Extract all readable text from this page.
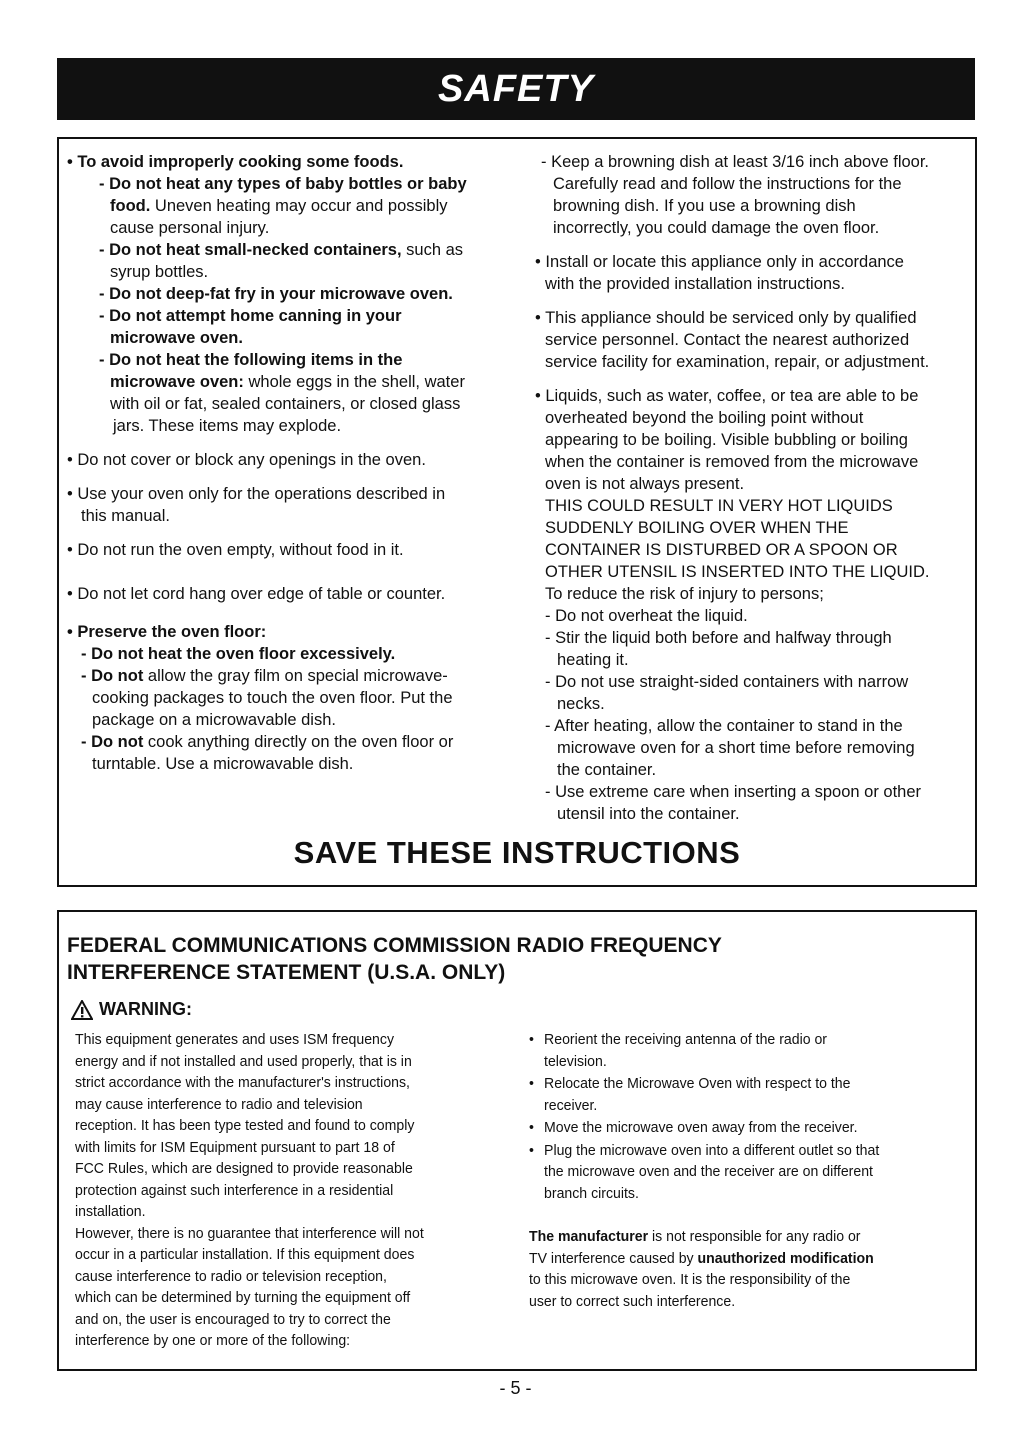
SAFETY
• To avoid improperly cooking some foods.
- Do not heat any types of baby bottles or baby
food. Uneven heating may occur and possibly
cause personal injury.
- Do not heat small-necked containers, such as
syrup bottles.
- Do not deep-fat fry in your microwave oven.
- Do not attempt home canning in your
microwave oven.
- Do not heat the following items in the
microwave oven: whole eggs in the shell, water
with oil or fat, sealed containers, or closed glass
jars. These items may explode.
• Do not cover or block any openings in the oven.
• Use your oven only for the operations described in
this manual.
• Do not run the oven empty, without food in it.
• Do not let cord hang over edge of table or counter.
• Preserve the oven floor:
- Do not heat the oven floor excessively.
- Do not allow the gray film on special microwave-
cooking packages to touch the oven floor. Put the
package on a microwavable dish.
- Do not cook anything directly on the oven floor or
turntable. Use a microwavable dish.
- Keep a browning dish at least 3/16 inch above floor.
Carefully read and follow the instructions for the
browning dish. If you use a browning dish
incorrectly, you could damage the oven floor.
• Install or locate this appliance only in accordance
with the provided installation instructions.
• This appliance should be serviced only by qualified
service personnel. Contact the nearest authorized
service facility for examination, repair, or adjustment.
• Liquids, such as water, coffee, or tea are able to be
overheated beyond the boiling point without
appearing to be boiling. Visible bubbling or boiling
when the container is removed from the microwave
oven is not always present.
THIS COULD RESULT IN VERY HOT LIQUIDS
SUDDENLY BOILING OVER WHEN THE
CONTAINER IS DISTURBED OR A SPOON OR
OTHER UTENSIL IS INSERTED INTO THE LIQUID.
To reduce the risk of injury to persons;
- Do not overheat the liquid.
- Stir the liquid both before and halfway through
heating it.
- Do not use straight-sided containers with narrow
necks.
- After heating, allow the container to stand in the
microwave oven for a short time before removing
the container.
- Use extreme care when inserting a spoon or other
utensil into the container.
SAVE THESE INSTRUCTIONS
FEDERAL COMMUNICATIONS COMMISSION RADIO FREQUENCY
INTERFERENCE STATEMENT (U.S.A. ONLY)
WARNING:
This equipment generates and uses ISM frequency
energy and if not installed and used properly, that is in
strict accordance with the manufacturer's instructions,
may cause interference to radio and television
reception. It has been type tested and found to comply
with limits for ISM Equipment pursuant to part 18 of
FCC Rules, which are designed to provide reasonable
protection against such interference in a residential
installation.
However, there is no guarantee that interference will not
occur in a particular installation. If this equipment does
cause interference to radio or television reception,
which can be determined by turning the equipment off
and on, the user is encouraged to try to correct the
interference by one or more of the following:
• Reorient the receiving antenna of the radio or
television.
• Relocate the Microwave Oven with respect to the
receiver.
• Move the microwave oven away from the receiver.
• Plug the microwave oven into a different outlet so that
the microwave oven and the receiver are on different
branch circuits.
The manufacturer is not responsible for any radio or
TV interference caused by unauthorized modification
to this microwave oven. It is the responsibility of the
user to correct such interference.
- 5 -
